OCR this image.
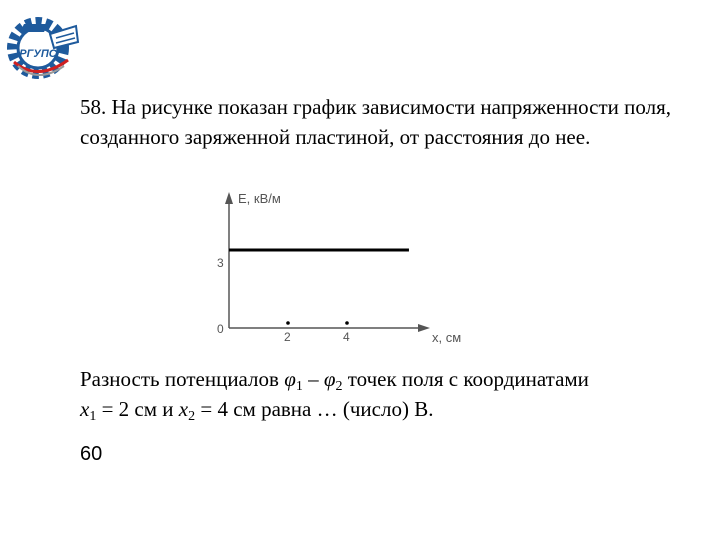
РГУПС

58. На рисунке показан график зависимости напряженности поля, созданного заряженной пластиной, от расстояния до нее.

E, кВ/м
x, см
0
3
2	4

Разность потенциалов $\varphi_1 - \varphi_2$ точек поля с координатами
$x_1 = 2$ см и $x_2 = 4$ см равна … (число) В.

60
